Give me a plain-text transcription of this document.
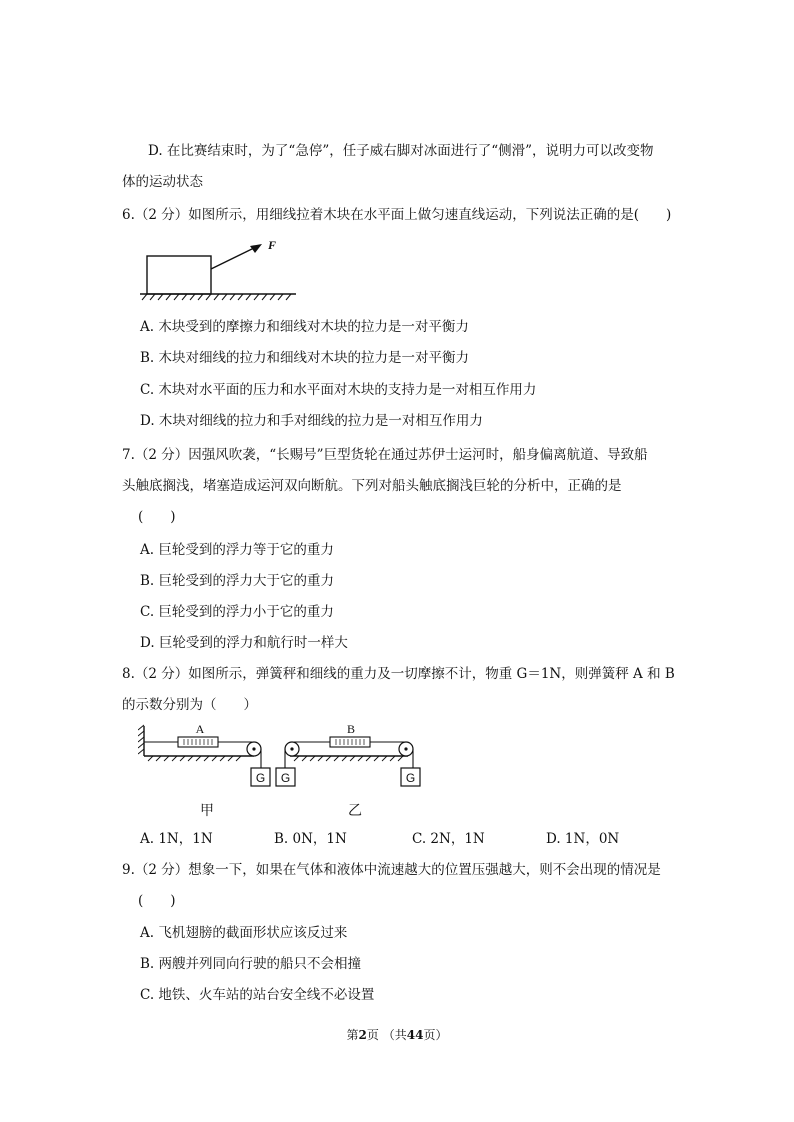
D. 在比赛结束时，为了“急停”，任子威右脚对冰面进行了“侧滑”，说明力可以改变物
体的运动状态
6.（2 分）如图所示，用细线拉着木块在水平面上做匀速直线运动，下列说法正确的是(　　)
F
A. 木块受到的摩擦力和细线对木块的拉力是一对平衡力
B. 木块对细线的拉力和细线对木块的拉力是一对平衡力
C. 木块对水平面的压力和水平面对木块的支持力是一对相互作用力
D. 木块对细线的拉力和手对细线的拉力是一对相互作用力
7.（2 分）因强风吹袭，“长赐号”巨型货轮在通过苏伊士运河时，船身偏离航道、导致船
头触底搁浅，堵塞造成运河双向断航。下列对船头触底搁浅巨轮的分析中，正确的是
(　　)
A. 巨轮受到的浮力等于它的重力
B. 巨轮受到的浮力大于它的重力
C. 巨轮受到的浮力小于它的重力
D. 巨轮受到的浮力和航行时一样大
8.（2 分）如图所示，弹簧秤和细线的重力及一切摩擦不计，物重 G＝1N，则弹簧秤 A 和 B
的示数分别为（　　）
G
A
G	G
B
甲	乙
A. 1N，1N	B. 0N，1N	C. 2N，1N	D. 1N，0N
9.（2 分）想象一下，如果在气体和液体中流速越大的位置压强越大，则不会出现的情况是
(　　)
A. 飞机翅膀的截面形状应该反过来
B. 两艘并列同向行驶的船只不会相撞
C. 地铁、火车站的站台安全线不必设置
第2页 （共44页）
